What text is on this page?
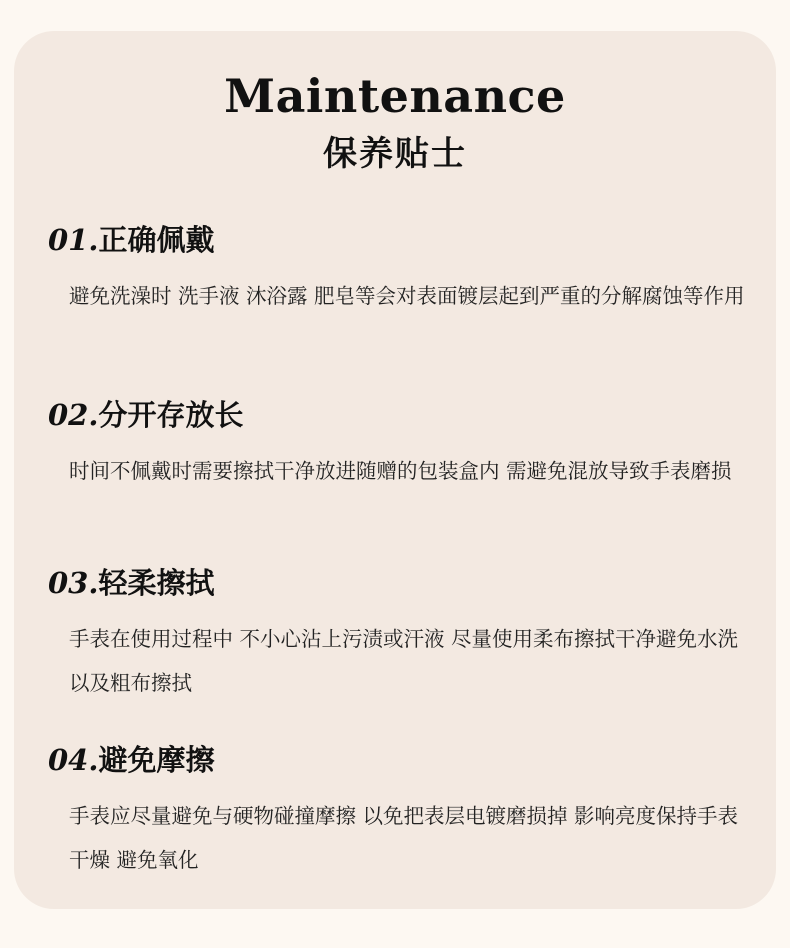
Maintenance
保养贴士
01.正确佩戴
避免洗澡时 洗手液 沐浴露 肥皂等会对表面镀层起到严重的分解腐蚀等作用
02.分开存放长
时间不佩戴时需要擦拭干净放进随赠的包装盒内 需避免混放导致手表磨损
03.轻柔擦拭
手表在使用过程中 不小心沾上污渍或汗液 尽量使用柔布擦拭干净避免水洗以及粗布擦拭
04.避免摩擦
手表应尽量避免与硬物碰撞摩擦 以免把表层电镀磨损掉 影响亮度保持手表干燥 避免氧化
